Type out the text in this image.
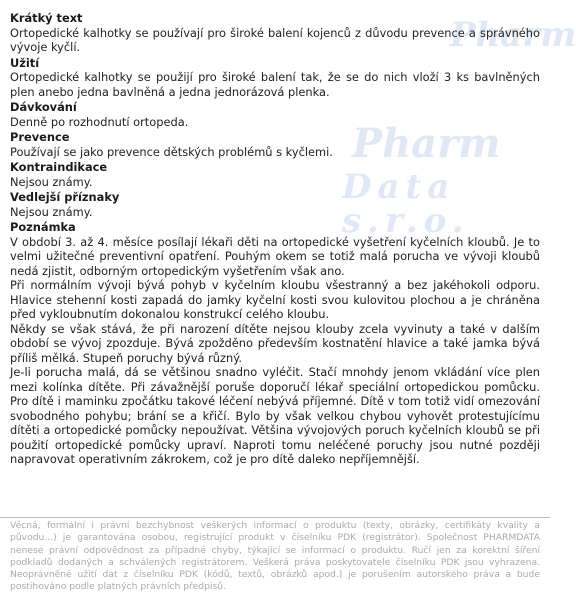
Pharm
Pharm
Data s.r.o.
Krátký text

Ortopedické kalhotky se používají pro široké balení kojenců z důvodu prevence a správného vývoje kyčlí.

Užití

Ortopedické kalhotky se použijí pro široké balení tak, že se do nich vloží 3 ks bavlněných plen anebo jedna bavlněná a jedna jednorázová plenka.

Dávkování

Denně po rozhodnutí ortopeda.

Prevence

Používají se jako prevence dětských problémů s kyčlemi.

Kontraindikace

Nejsou známy.

Vedlejší příznaky

Nejsou známy.

Poznámka

V období 3. až 4. měsíce posílají lékaři děti na ortopedické vyšetření kyčelních kloubů. Je to velmi užitečné preventivní opatření. Pouhým okem se totiž malá porucha ve vývoji kloubů nedá zjistit, odborným ortopedickým vyšetřením však ano.

Při normálním vývoji bývá pohyb v kyčelním kloubu všestranný a bez jakéhokoli odporu. Hlavice stehenní kosti zapadá do jamky kyčelní kosti svou kulovitou plochou a je chráněna před vykloubnutím dokonalou konstrukcí celého kloubu.

Někdy se však stává, že při narození dítěte nejsou klouby zcela vyvinuty a také v dalším období se vývoj zpozduje. Bývá zpožděno především kostnatění hlavice a také jamka bývá příliš mělká. Stupeň poruchy bývá různý.

Je-li porucha malá, dá se většinou snadno vyléčit. Stačí mnohdy jenom vkládání více plen mezi kolínka dítěte. Při závažnější poruše doporučí lékař speciální ortopedickou pomůcku. Pro dítě i maminku zpočátku takové léčení nebývá příjemné. Dítě v tom totiž vidí omezování svobodného pohybu; brání se a křičí. Bylo by však velkou chybou vyhovět protestujícímu dítěti a ortopedické pomůcky nepoužívat. Většina vývojových poruch kyčelních kloubů se při použití ortopedické pomůcky upraví. Naproti tomu neléčené poruchy jsou nutné později napravovat operativním zákrokem, což je pro dítě daleko nepříjemnější.

Věcná, formální i právní bezchybnost veškerých informací o produktu (texty, obrázky, certifikáty kvality a původu...) je garantována osobou, registrující produkt v číselníku PDK (registrátor). Společnost PHARMDATA nenese právní odpovědnost za případné chyby, týkající se informací o produktu. Ručí jen za korektní šíření podkladů dodaných a schválených registrátorem. Veškerá práva poskytovatele číselníku PDK jsou vyhrazena. Neoprávněné užití dat z číselníku PDK (kódů, textů, obrázků apod.) je porušením autorského práva a bude postihováno podle platných právních předpisů.
